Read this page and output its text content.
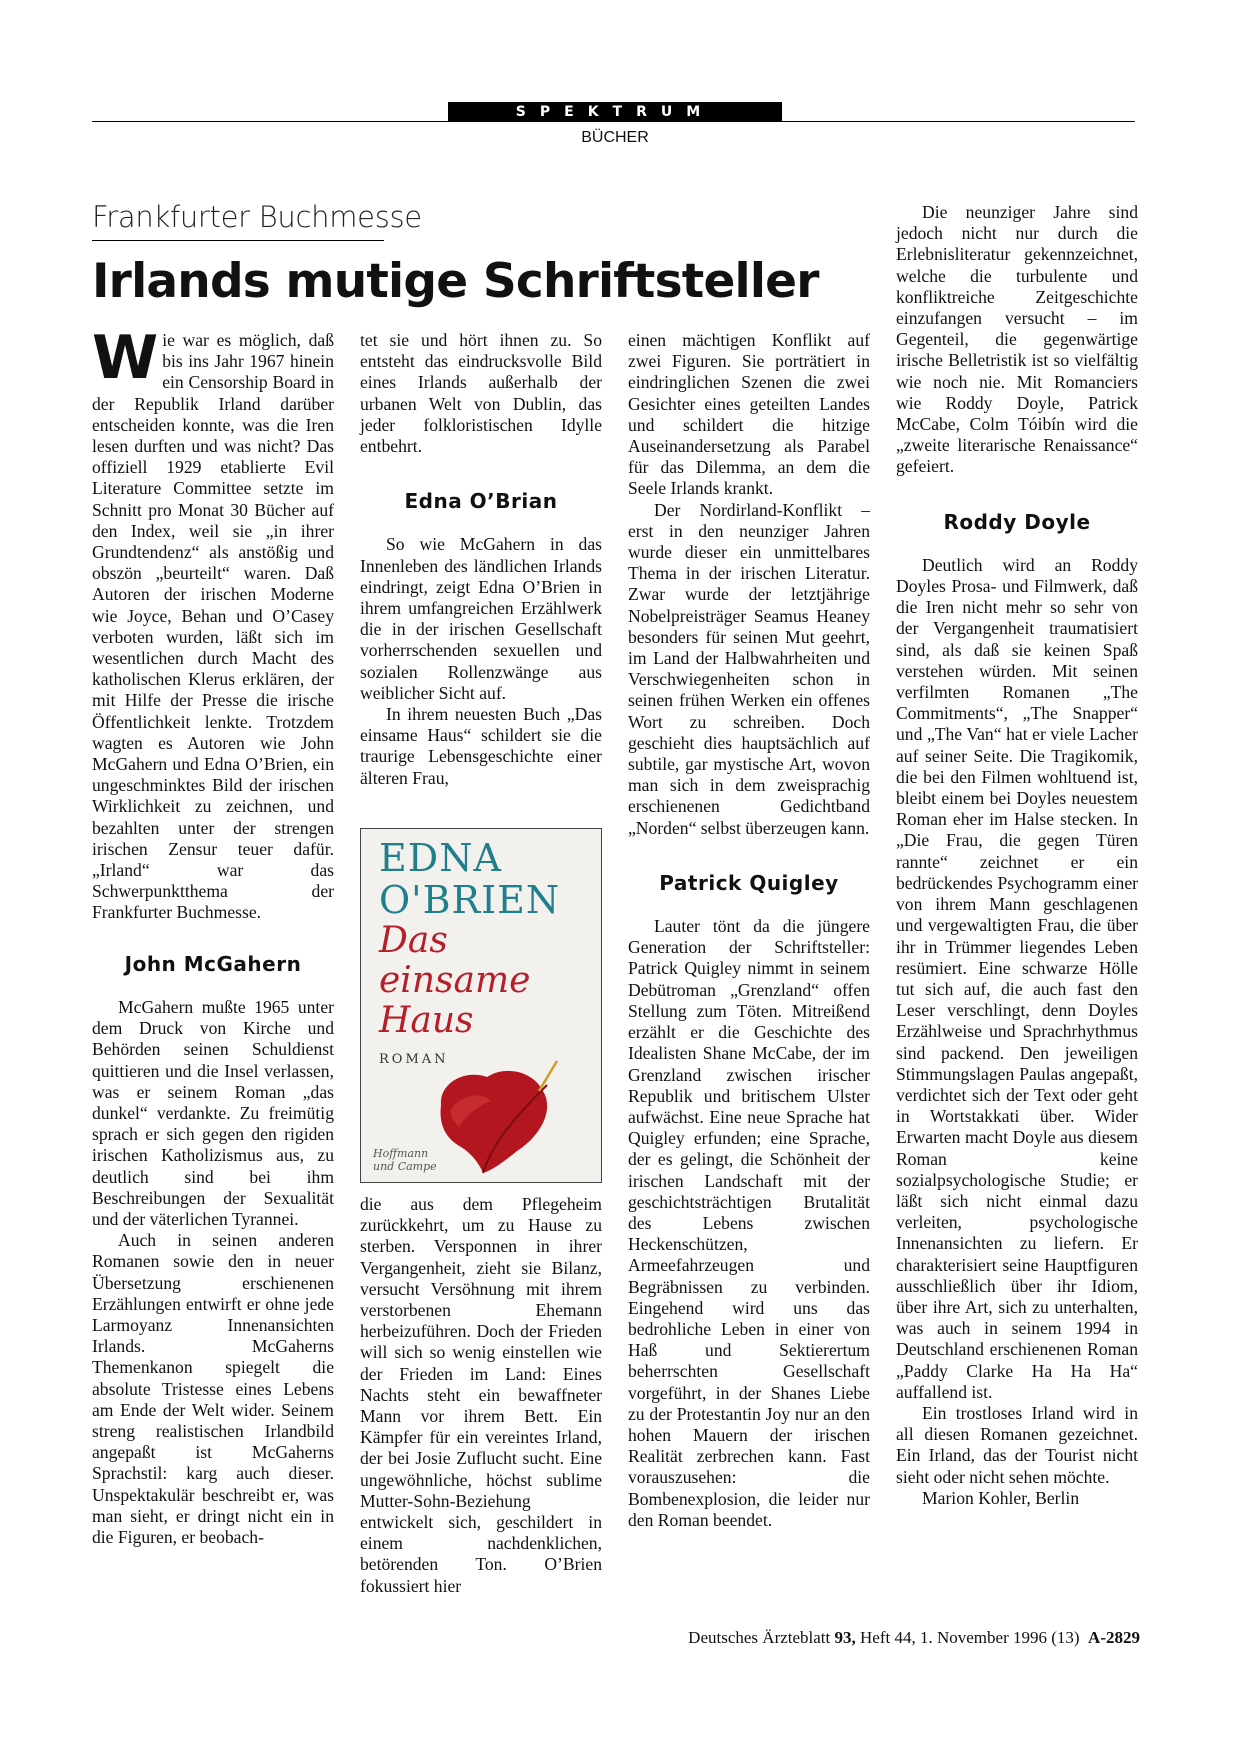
SPEKTRUM
BÜCHER
Frankfurter Buchmesse
Irlands mutige Schriftsteller

Wie war es möglich, daß bis ins Jahr 1967 hinein ein Censorship Board in der Republik Irland darüber entscheiden konnte, was die Iren lesen durften und was nicht? Das offiziell 1929 etablierte Evil Literature Committee setzte im Schnitt pro Monat 30 Bücher auf den Index, weil sie „in ihrer Grundtendenz“ als anstößig und obszön „beurteilt“ waren. Daß Autoren der irischen Moderne wie Joyce, Behan und O’Casey verboten wurden, läßt sich im wesentlichen durch Macht des katholischen Klerus erklären, der mit Hilfe der Presse die irische Öffentlichkeit lenkte. Trotzdem wagten es Autoren wie John McGahern und Edna O’Brien, ein ungeschminktes Bild der irischen Wirklichkeit zu zeichnen, und bezahlten unter der strengen irischen Zensur teuer dafür. „Irland“ war das Schwerpunktthema der Frankfurter Buchmesse.

John McGahern

McGahern mußte 1965 unter dem Druck von Kirche und Behörden seinen Schuldienst quittieren und die Insel verlassen, was er seinem Roman „das dunkel“ verdankte. Zu freimütig sprach er sich gegen den rigiden irischen Katholizismus aus, zu deutlich sind bei ihm Beschreibungen der Sexualität und der väterlichen Tyrannei.

Auch in seinen anderen Romanen sowie den in neuer Übersetzung erschienenen Erzählungen entwirft er ohne jede Larmoyanz Innenansichten Irlands. McGaherns Themenkanon spiegelt die absolute Tristesse eines Lebens am Ende der Welt wider. Seinem streng realistischen Irlandbild angepaßt ist McGaherns Sprachstil: karg auch dieser. Unspektakulär beschreibt er, was man sieht, er dringt nicht ein in die Figuren, er beobach-

tet sie und hört ihnen zu. So entsteht das eindrucksvolle Bild eines Irlands außerhalb der urbanen Welt von Dublin, das jeder folkloristischen Idylle entbehrt.

Edna O’Brian

So wie McGahern in das Innenleben des ländlichen Irlands eindringt, zeigt Edna O’Brien in ihrem umfangreichen Erzählwerk die in der irischen Gesellschaft vorherrschenden sexuellen und sozialen Rollenzwänge aus weiblicher Sicht auf.

In ihrem neuesten Buch „Das einsame Haus“ schildert sie die traurige Lebensgeschichte einer älteren Frau,

EDNA
O'BRIEN
Das
einsame
Haus
ROMAN
Hoffmann
und Campe

die aus dem Pflegeheim zurückkehrt, um zu Hause zu sterben. Versponnen in ihrer Vergangenheit, zieht sie Bilanz, versucht Versöhnung mit ihrem verstorbenen Ehemann herbeizuführen. Doch der Frieden will sich so wenig einstellen wie der Frieden im Land: Eines Nachts steht ein bewaffneter Mann vor ihrem Bett. Ein Kämpfer für ein vereintes Irland, der bei Josie Zuflucht sucht. Eine ungewöhnliche, höchst sublime Mutter-Sohn-Beziehung entwickelt sich, geschildert in einem nachdenklichen, betörenden Ton. O’Brien fokussiert hier

einen mächtigen Konflikt auf zwei Figuren. Sie porträtiert in eindringlichen Szenen die zwei Gesichter eines geteilten Landes und schildert die hitzige Auseinandersetzung als Parabel für das Dilemma, an dem die Seele Irlands krankt.

Der Nordirland-Konflikt – erst in den neunziger Jahren wurde dieser ein unmittelbares Thema in der irischen Literatur. Zwar wurde der letztjährige Nobelpreisträger Seamus Heaney besonders für seinen Mut geehrt, im Land der Halbwahrheiten und Verschwiegenheiten schon in seinen frühen Werken ein offenes Wort zu schreiben. Doch geschieht dies hauptsächlich auf subtile, gar mystische Art, wovon man sich in dem zweisprachig erschienenen Gedichtband „Norden“ selbst überzeugen kann.

Patrick Quigley

Lauter tönt da die jüngere Generation der Schriftsteller: Patrick Quigley nimmt in seinem Debütroman „Grenzland“ offen Stellung zum Töten. Mitreißend erzählt er die Geschichte des Idealisten Shane McCabe, der im Grenzland zwischen irischer Republik und britischem Ulster aufwächst. Eine neue Sprache hat Quigley erfunden; eine Sprache, der es gelingt, die Schönheit der irischen Landschaft mit der geschichtsträchtigen Brutalität des Lebens zwischen Heckenschützen, Armeefahrzeugen und Begräbnissen zu verbinden. Eingehend wird uns das bedrohliche Leben in einer von Haß und Sektierertum beherrschten Gesellschaft vorgeführt, in der Shanes Liebe zu der Protestantin Joy nur an den hohen Mauern der irischen Realität zerbrechen kann. Fast vorauszusehen: die Bombenexplosion, die leider nur den Roman beendet.

Die neunziger Jahre sind jedoch nicht nur durch die Erlebnisliteratur gekennzeichnet, welche die turbulente und konfliktreiche Zeitgeschichte einzufangen versucht – im Gegenteil, die gegenwärtige irische Belletristik ist so vielfältig wie noch nie. Mit Romanciers wie Roddy Doyle, Patrick McCabe, Colm Tóibín wird die „zweite literarische Renaissance“ gefeiert.

Roddy Doyle

Deutlich wird an Roddy Doyles Prosa- und Filmwerk, daß die Iren nicht mehr so sehr von der Vergangenheit traumatisiert sind, als daß sie keinen Spaß verstehen würden. Mit seinen verfilmten Romanen „The Commitments“, „The Snapper“ und „The Van“ hat er viele Lacher auf seiner Seite. Die Tragikomik, die bei den Filmen wohltuend ist, bleibt einem bei Doyles neuestem Roman eher im Halse stecken. In „Die Frau, die gegen Türen rannte“ zeichnet er ein bedrückendes Psychogramm einer von ihrem Mann geschlagenen und vergewaltigten Frau, die über ihr in Trümmer liegendes Leben resümiert. Eine schwarze Hölle tut sich auf, die auch fast den Leser verschlingt, denn Doyles Erzählweise und Sprachrhythmus sind packend. Den jeweiligen Stimmungslagen Paulas angepaßt, verdichtet sich der Text oder geht in Wortstakkati über. Wider Erwarten macht Doyle aus diesem Roman keine sozialpsychologische Studie; er läßt sich nicht einmal dazu verleiten, psychologische Innenansichten zu liefern. Er charakterisiert seine Hauptfiguren ausschließlich über ihr Idiom, über ihre Art, sich zu unterhalten, was auch in seinem 1994 in Deutschland erschienenen Roman „Paddy Clarke Ha Ha Ha“ auffallend ist.

Ein trostloses Irland wird in all diesen Romanen gezeichnet. Ein Irland, das der Tourist nicht sieht oder nicht sehen möchte.

Marion Kohler, Berlin

Deutsches Ärzteblatt 93, Heft 44, 1. November 1996 (13) A-2829
